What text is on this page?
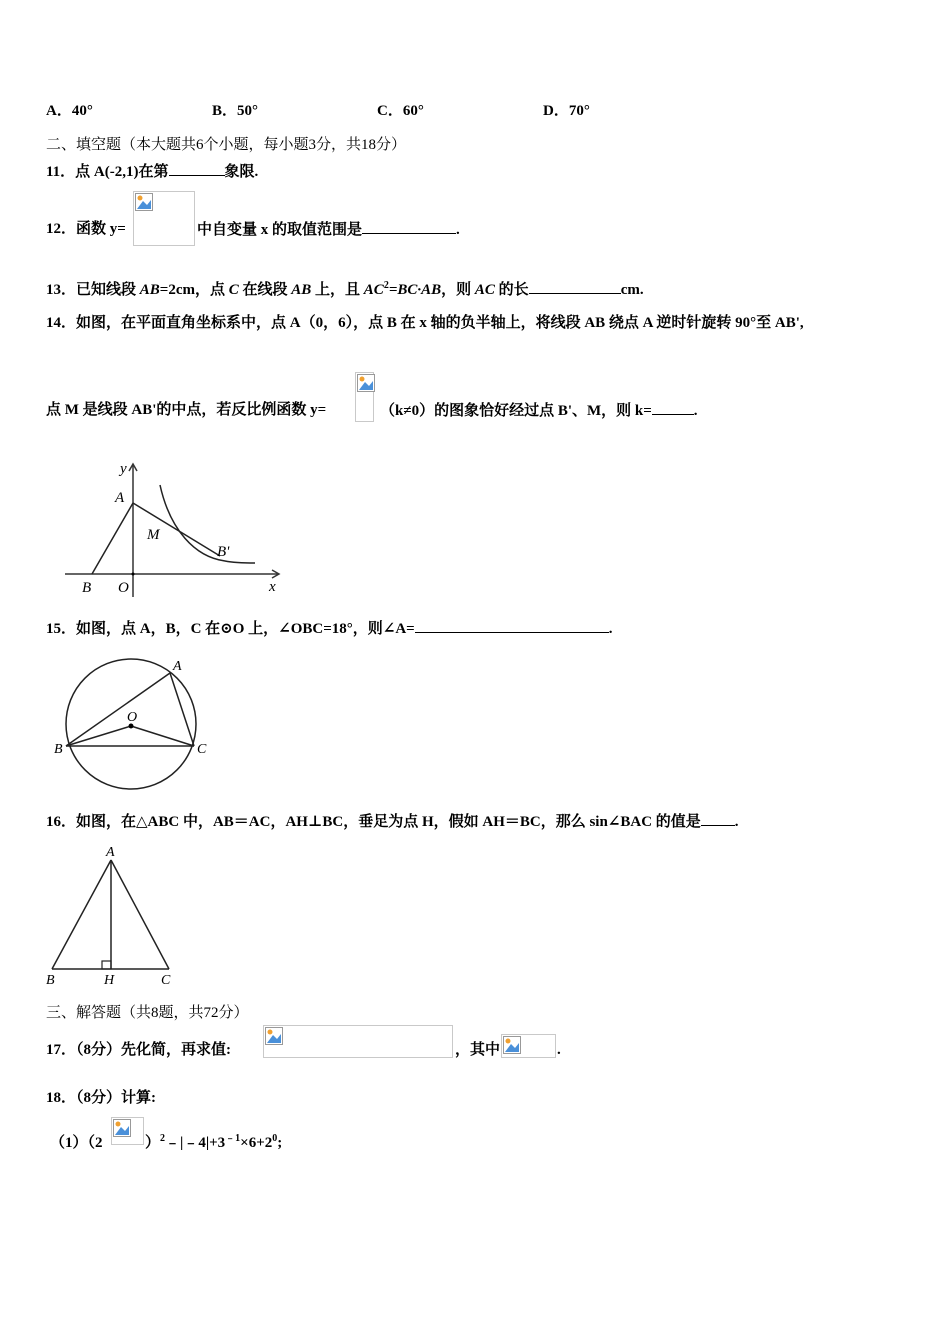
A．40°	B．50°	C．60°	D．70°
二、填空题（本大题共6个小题，每小题3分，共18分）
11．点 A(-2,1)在第	象限.
12．函数 y=	中自变量 x 的取值范围是	.
13．已知线段 AB=2cm，点 C 在线段 AB 上，且 $AC^2=BC\cdot AB$，则 AC 的长	cm.
14．如图，在平面直角坐标系中，点 A（0，6），点 B 在 x 轴的负半轴上，将线段 AB 绕点 A 逆时针旋转 90°至 AB',
点 M 是线段 AB'的中点，若反比例函数 y=	（k≠0）的图象恰好经过点 B'、M，则 k=	.
y
A
M
B'
B O	x
15．如图，点 A，B，C 在⊙O 上，∠OBC=18°，则∠A=	.
A
O
B	C
16．如图，在△ABC 中，AB＝AC，AH⊥BC，垂足为点 H，假如 AH＝BC，那么 sin∠BAC 的值是 .
A
B	H	C
三、解答题（共8题，共72分）
17．（8分）先化简，再求值:	，其中	.
18．（8分）计算:
（1）（2	）$^2﹣|﹣4|+3^{﹣1}\times 6+2^0$;
